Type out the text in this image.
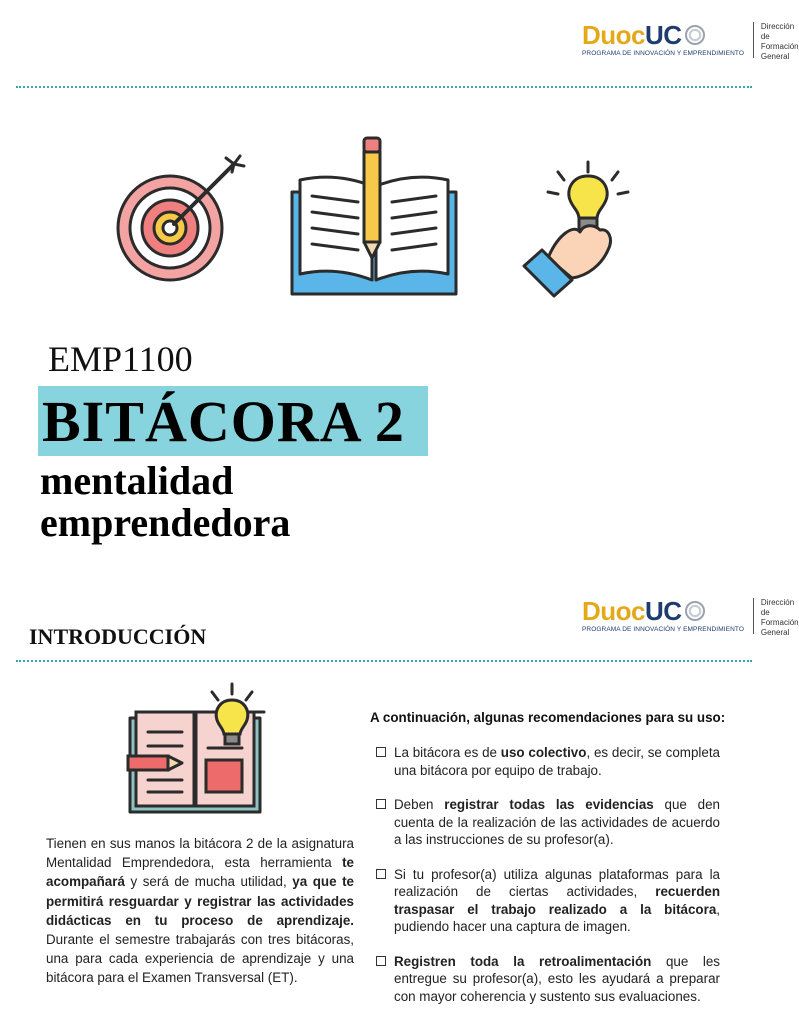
Duoc UC
PROGRAMA DE INNOVACIÓN Y EMPRENDIMIENTO
Dirección de
Formación
General
EMP1100
BITÁCORA 2
mentalidad
emprendedora
Duoc UC
PROGRAMA DE INNOVACIÓN Y EMPRENDIMIENTO
Dirección de
Formación
General
INTRODUCCIÓN
Tienen en sus manos la bitácora 2 de la asignatura Mentalidad Emprendedora, esta herramienta te acompañará y será de mucha utilidad, ya que te permitirá resguardar y registrar las actividades didácticas en tu proceso de aprendizaje. Durante el semestre trabajarás con tres bitácoras, una para cada experiencia de aprendizaje y una bitácora para el Examen Transversal (ET).
A continuación, algunas recomendaciones para su uso:
La bitácora es de uso colectivo, es decir, se completa una bitácora por equipo de trabajo.
Deben registrar todas las evidencias que den cuenta de la realización de las actividades de acuerdo a las instrucciones de su profesor(a).
Si tu profesor(a) utiliza algunas plataformas para la realización de ciertas actividades, recuerden traspasar el trabajo realizado a la bitácora, pudiendo hacer una captura de imagen.
Registren toda la retroalimentación que les entregue su profesor(a), esto les ayudará a preparar con mayor coherencia y sustento sus evaluaciones.
